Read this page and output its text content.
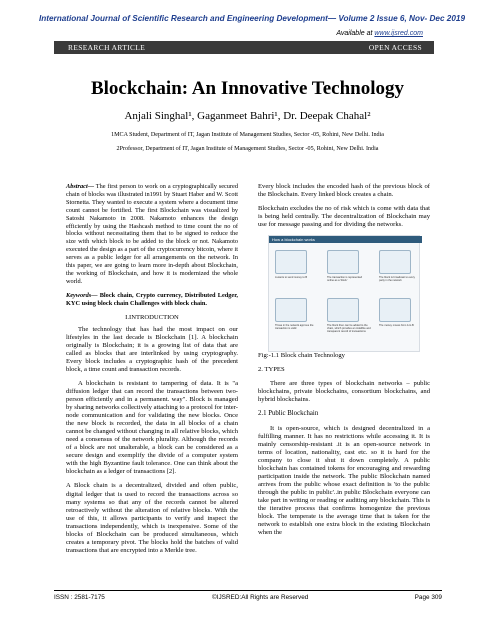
International Journal of Scientific Research and Engineering Development— Volume 2 Issue 6, Nov- Dec 2019
Available at www.ijsred.com
RESEARCH ARTICLE	OPEN ACCESS
Blockchain: An Innovative Technology
Anjali Singhal¹, Gaganmeet Bahri¹, Dr. Deepak Chahal²
1MCA Student, Department of IT, Jagan Institute of Management Studies, Sector -05, Rohini, New Delhi. India
2Professor, Department of IT, Jagan Institute of Management Studies, Sector -05, Rohini, New Delhi. India

Abstract— The first person to work on a cryptographically secured chain of blocks was illustrated in1991 by Stuart Haber and W. Scott Stornetta. They wanted to execute a system where a document time count cannot be fortified. The first Blockchain was visualized by Satoshi Nakamoto in 2008. Nakamoto enhances the design efficiently by using the Hashcash method to time count the no of blocks without necessitating them that to be signed to reduce the size with which block to be added to the block or not. Nakamoto executed the design as a part of the cryptocurrency bitcoin, where it serves as a public ledger for all arrangements on the network. In this paper, we are going to learn more in-depth about Blockchain, the working of Blockchain, and how it is modernized the whole world.

Keywords— Block chain, Crypto currency, Distributed Ledger, KYC using block chain Challenges with block chain.

I.INTRODUCTION

The technology that has had the most impact on our lifestyles in the last decade is Blockchain [1]. A blockchain originally is Blockchain; it is a growing list of data that are called as blocks that are interlinked by using cryptography. Every block includes a cryptographic hash of the precedent block, a time count and transaction records.

A blockchain is resistant to tampering of data. It is "a diffusion ledger that can record the transactions between two-person efficiently and in a permanent. way". Block is managed by sharing networks collectively attaching to a protocol for inter-node communication and for validating the new blocks. Once the new block is recorded, the data in all blocks of a chain cannot be changed without changing in all relative blocks, which need a consensus of the network plurality. Although the records of a block are not unalterable, a block can be considered as a secure design and exemplify the divide of a computer system with the high Byzantine fault tolerance. One can think about the blockchain as a ledger of transactions [2].

A Block chain is a decentralized, divided and often public, digital ledger that is used to record the transactions across so many systems so that any of the records cannot be altered retroactively without the alteration of relative blocks. With the use of this, it allows participants to verify and inspect the transactions independently, which is inexpensive. Some of the blocks of Blockchain can be produced simultaneous, which creates a temporary pivot. The blocks hold the batches of valid transactions that are encrypted into a Merkle tree.

Every block includes the encoded hash of the previous block of the Blockchain. Every linked block creates a chain.

Blockchain excludes the no of risk which is come with data that is being held centrally. The decentralization of Blockchain may use for message passing and for dividing the networks.

How a blockchain works
A wants to send money to B	The transaction is represented online as a 'block'
The block is broadcast to every party in the network
Those in the network approve the transaction is valid
The block then can be added to the chain, which provides an indelible and transparent record of transactions
The money moves from A to B

Fig:-1.1 Block chain Technology

2. TYPES

There are three types of blockchain networks – public blockchains, private blockchains, consortium blockchains, and hybrid blockchains.

2.1 Public Blockchain

It is open-source, which is designed decentralized in a fulfilling manner. It has no restrictions while accessing it. It is mainly censorship-resistant .it is an open-source network in terms of location, nationality, cast etc. so it is hard for the company to close it shut it down completely. A public blockchain has contained tokens for encouraging and rewarding participation inside the network. The public Blockchain named arrives from the public whose exact definition is 'to the public through the public in public'..in public Blockchain everyone can take part in writing or reading or auditing any blockchain. This is the iterative process that confirms homogenize the previous block. The temperate is the average time that is taken for the network to establish one extra block in the existing Blockchain when the

ISSN : 2581-7175	©IJSRED:All Rights are Reserved	Page 309
